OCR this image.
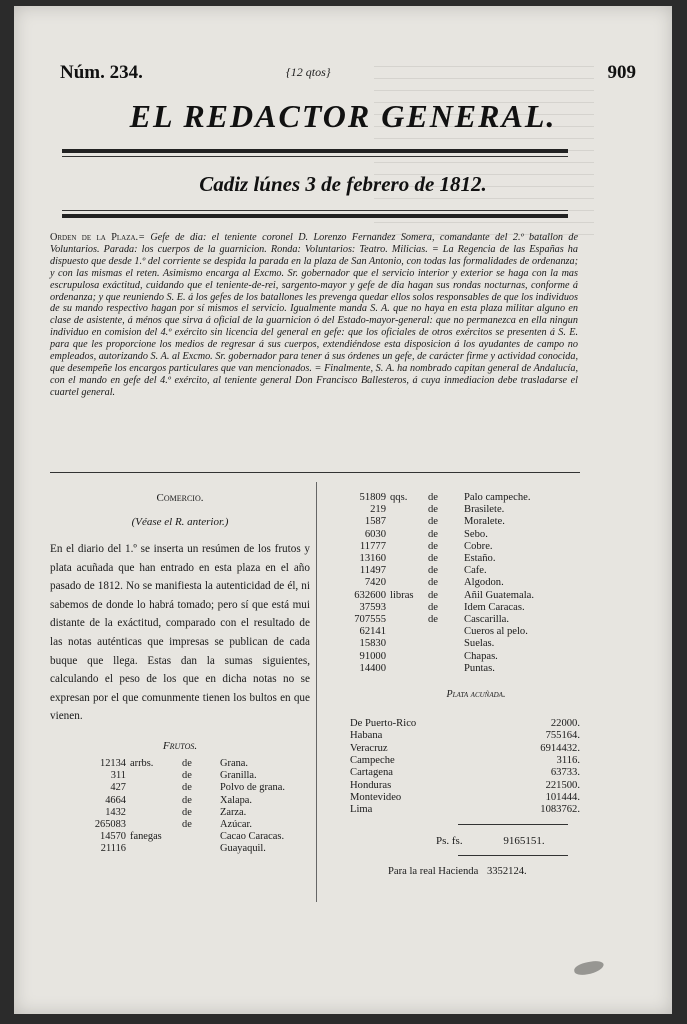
Núm. 234.	{12 qtos}	909
EL REDACTOR GENERAL.
Cadiz lúnes 3 de febrero de 1812.
Orden de la Plaza.= Gefe de dia: el teniente coronel D. Lorenzo Fernandez Somera, comandante del 2.º batallon de Voluntarios. Parada: los cuerpos de la guarnicion. Ronda: Voluntarios: Teatro. Milicias. = La Regencia de las Españas ha dispuesto que desde 1.º del corriente se despida la parada en la plaza de San Antonio, con todas las formalidades de ordenanza; y con las mismas el reten. Asimismo encarga al Excmo. Sr. gobernador que el servicio interior y exterior se haga con la mas escrupulosa exáctitud, cuidando que el teniente-de-rei, sargento-mayor y gefe de dia hagan sus rondas nocturnas, conforme á ordenanza; y que reuniendo S. E. á los gefes de los batallones les prevenga quedar ellos solos responsables de que los individuos de su mando respectivo hagan por sí mismos el servicio. Igualmente manda S. A. que no haya en esta plaza militar alguno en clase de asistente, á ménos que sirva á oficial de la guarnicion ó del Estado-mayor-general: que no permanezca en ella ningun individuo en comision del 4.º exército sin licencia del general en gefe: que los oficiales de otros exércitos se presenten á S. E. para que les proporcione los medios de regresar á sus cuerpos, extendiéndose esta disposicion á los ayudantes de campo no empleados, autorizando S. A. al Excmo. Sr. gobernador para tener á sus órdenes un gefe, de carácter firme y actividad conocida, que desempeñe los encargos particulares que van mencionados. = Finalmente, S. A. ha nombrado capitan general de Andalucía, con el mando en gefe del 4.º exército, al teniente general Don Francisco Ballesteros, á cuya inmediacion debe trasladarse el cuartel general.
Comercio.
(Véase el R. anterior.)
En el diario del 1.º se inserta un resúmen de los frutos y plata acuñada que han entrado en esta plaza en el año pasado de 1812. No se manifiesta la autenticidad de él, ni sabemos de donde lo habrá tomado; pero sí que está mui distante de la exáctitud, comparado con el resultado de las notas auténticas que impresas se publican de cada buque que llega. Estas dan la sumas siguientes, calculando el peso de los que en dicha notas no se expresan por el que comunmente tienen los bultos en que vienen.
Frutos.
12134	arrbs.	de	Grana.
311		de	Granilla.
427		de	Polvo de grana.
4664		de	Xalapa.
1432		de	Zarza.
265083		de	Azúcar.
14570	fanegas		Cacao Caracas.
21116			Guayaquil.
51809	qqs.	de	Palo campeche.
219		de	Brasilete.
1587		de	Moralete.
6030		de	Sebo.
11777		de	Cobre.
13160		de	Estaño.
11497		de	Cafe.
7420		de	Algodon.
632600	libras	de	Añil Guatemala.
37593		de	Idem Caracas.
707555		de	Cascarilla.
62141			Cueros al pelo.
15830			Suelas.
91000			Chapas.
14400			Puntas.
Plata acuñada.
De Puerto-Rico	22000.
Habana	755164.
Veracruz	6914432.
Campeche	3116.
Cartagena	63733.
Honduras	221500.
Montevideo	101444.
Lima	1083762.
Ps. fs.	9165151.
Para la real Hacienda 3352124.
